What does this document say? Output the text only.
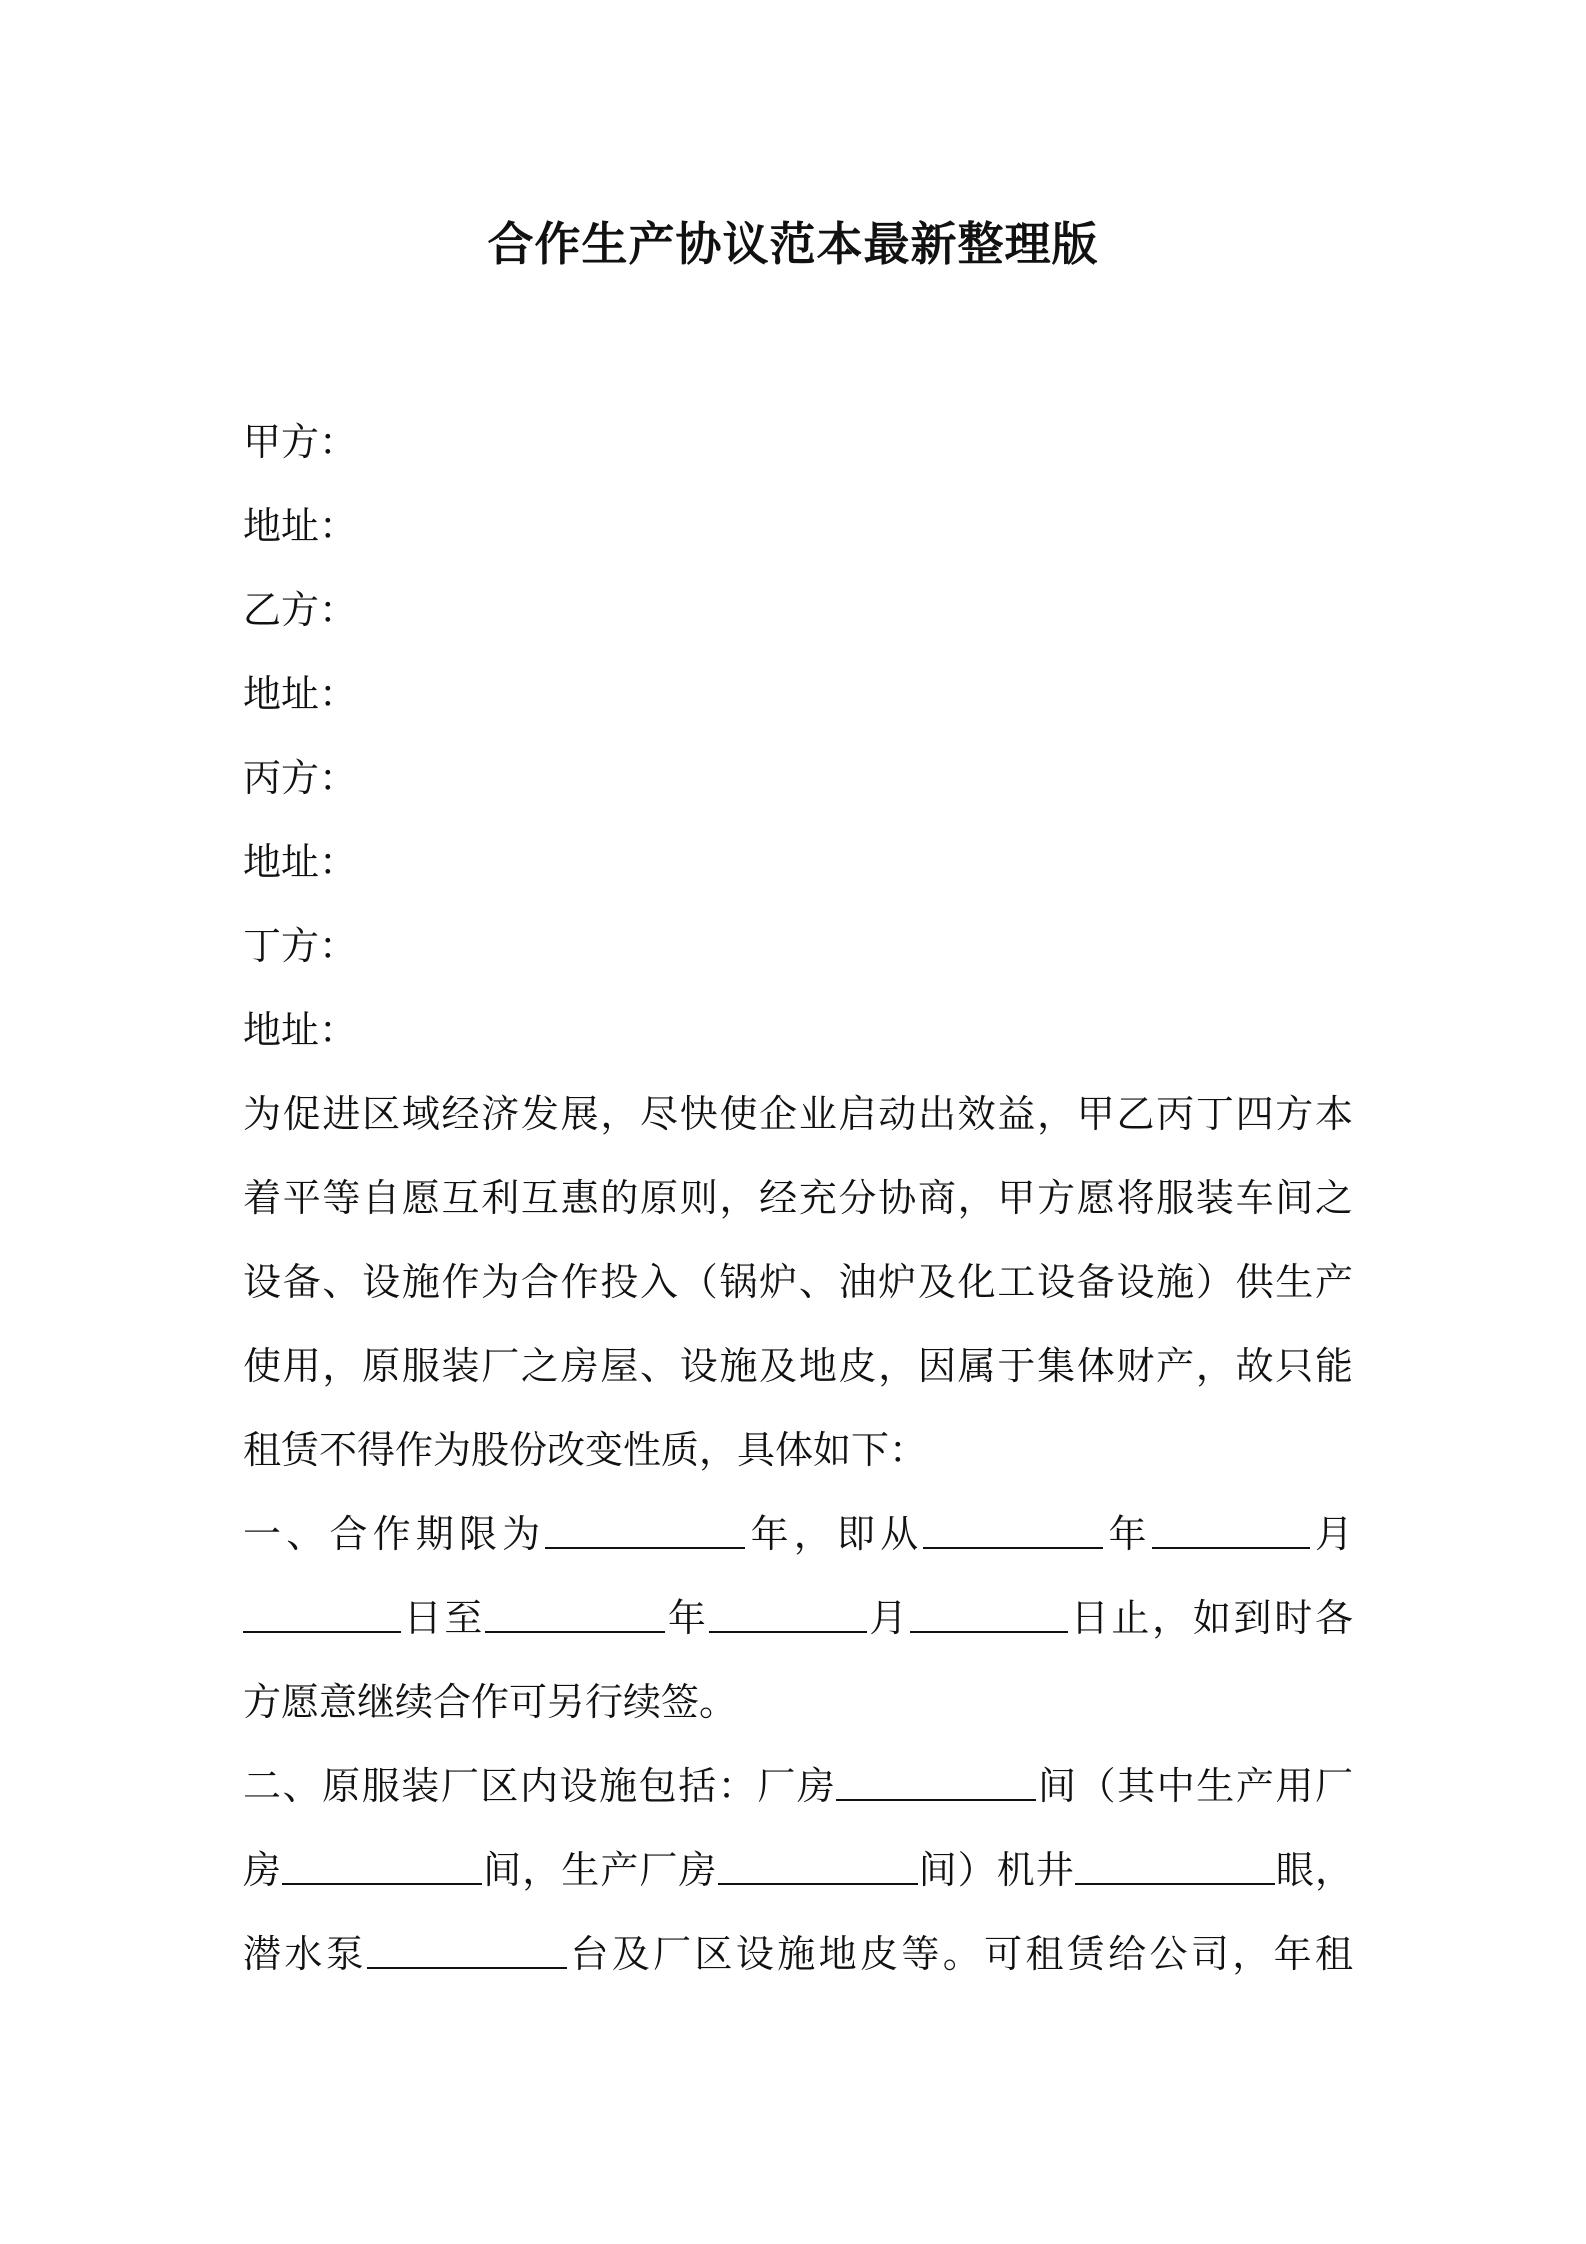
合作生产协议范本最新整理版
甲方：
地址：
乙方：
地址：
丙方：
地址：
丁方：
地址：
为促进区域经济发展，尽快使企业启动出效益，甲乙丙丁四方本
着平等自愿互利互惠的原则，经充分协商，甲方愿将服装车间之
设备、设施作为合作投入（锅炉、油炉及化工设备设施）供生产
使用，原服装厂之房屋、设施及地皮，因属于集体财产，故只能
租赁不得作为股份改变性质，具体如下：
一、合作期限为	年，即从	年	月
日至	年	月	日止，如到时各
方愿意继续合作可另行续签。
二、原服装厂区内设施包括：厂房	间（其中生产用厂
房	间，生产厂房	间）机井	眼，
潜水泵	台及厂区设施地皮等。可租赁给公司，年租
